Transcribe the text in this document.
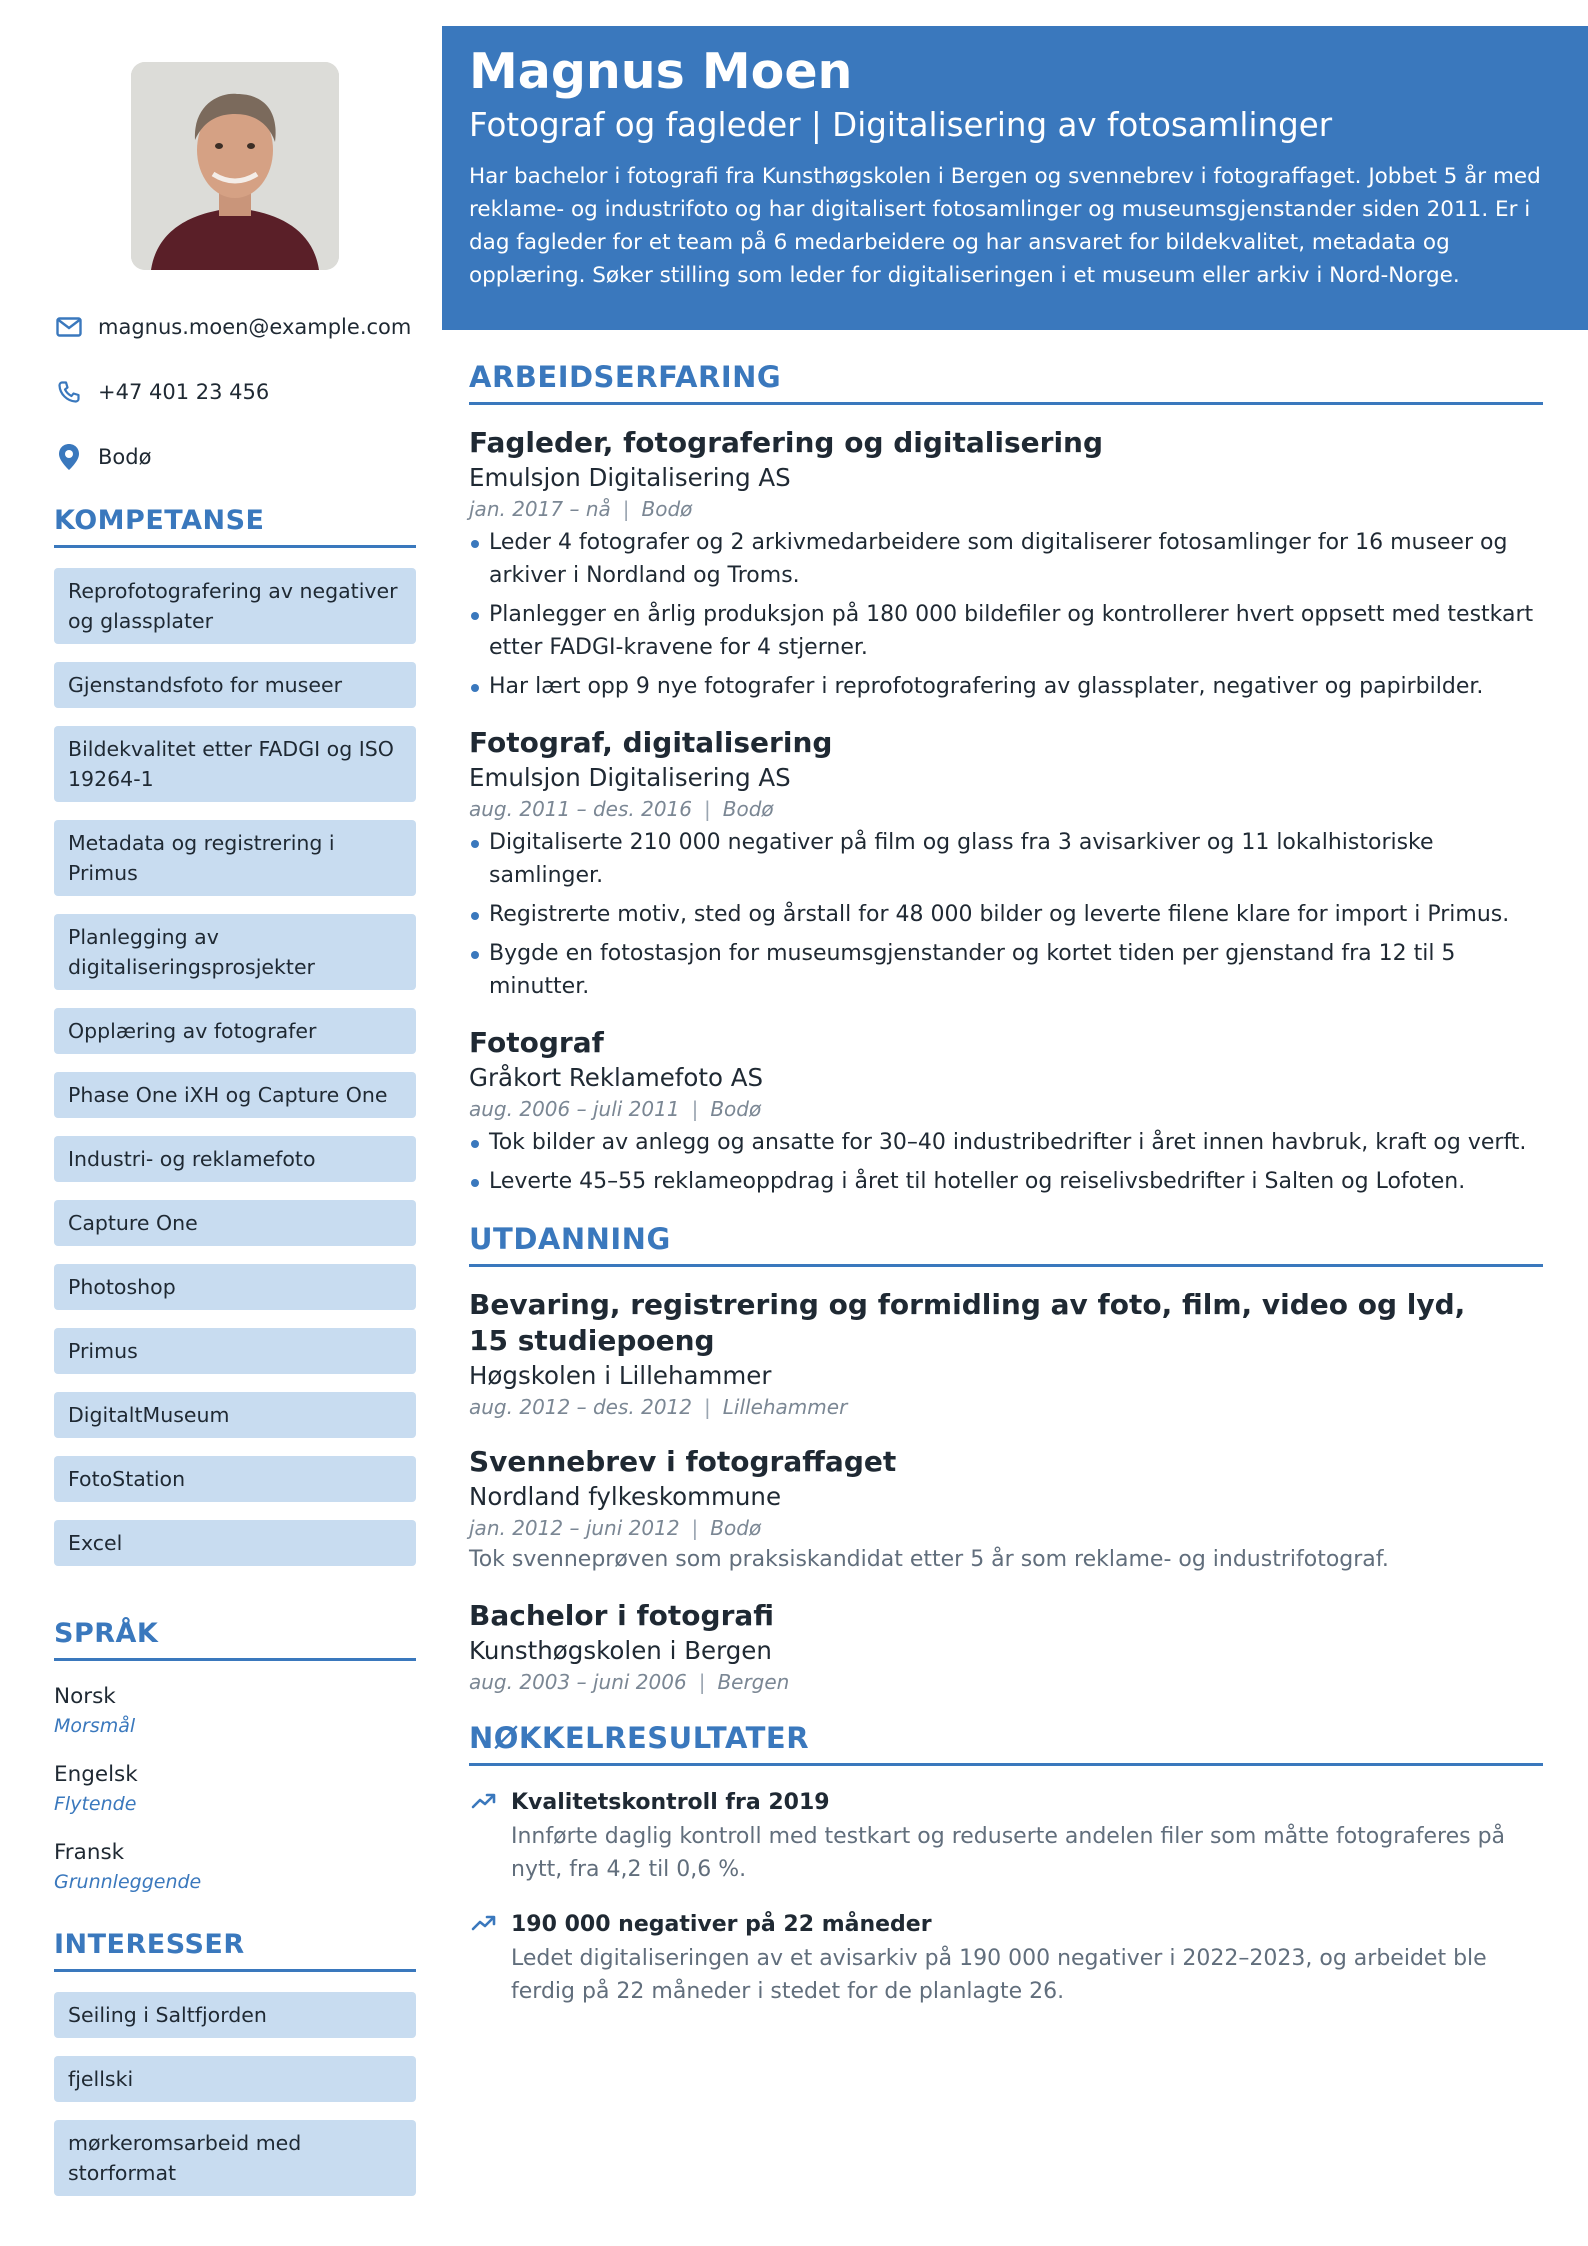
magnus.moen@example.com
+47 401 23 456
Bodø
KOMPETANSE
Reprofotografering av negativer og glassplater
Gjenstandsfoto for museer
Bildekvalitet etter FADGI og ISO 19264-1
Metadata og registrering i Primus
Planlegging av digitaliseringsprosjekter
Opplæring av fotografer
Phase One iXH og Capture One
Industri- og reklamefoto
Capture One
Photoshop
Primus
DigitaltMuseum
FotoStation
Excel
SPRÅK
Norsk
Morsmål
Engelsk
Flytende
Fransk
Grunnleggende
INTERESSER
Seiling i Saltfjorden
fjellski
mørkeromsarbeid med storformat
Magnus Moen
Fotograf og fagleder | Digitalisering av fotosamlinger

Har bachelor i fotografi fra Kunsthøgskolen i Bergen og svennebrev i fotograffaget. Jobbet 5 år med reklame- og industrifoto og har digitalisert fotosamlinger og museumsgjenstander siden 2011. Er i dag fagleder for et team på 6 medarbeidere og har ansvaret for bildekvalitet, metadata og opplæring. Søker stilling som leder for digitaliseringen i et museum eller arkiv i Nord-Norge.

ARBEIDSERFARING
Fagleder, fotografering og digitalisering
Emulsjon Digitalisering AS
jan. 2017 – nå | Bodø
Leder 4 fotografer og 2 arkivmedarbeidere som digitaliserer fotosamlinger for 16 museer og arkiver i Nordland og Troms.
Planlegger en årlig produksjon på 180 000 bildefiler og kontrollerer hvert oppsett med testkart etter FADGI-kravene for 4 stjerner.
Har lært opp 9 nye fotografer i reprofotografering av glassplater, negativer og papirbilder.
Fotograf, digitalisering
Emulsjon Digitalisering AS
aug. 2011 – des. 2016 | Bodø
Digitaliserte 210 000 negativer på film og glass fra 3 avisarkiver og 11 lokalhistoriske samlinger.
Registrerte motiv, sted og årstall for 48 000 bilder og leverte filene klare for import i Primus.
Bygde en fotostasjon for museumsgjenstander og kortet tiden per gjenstand fra 12 til 5 minutter.
Fotograf
Gråkort Reklamefoto AS
aug. 2006 – juli 2011 | Bodø
Tok bilder av anlegg og ansatte for 30–40 industribedrifter i året innen havbruk, kraft og verft.
Leverte 45–55 reklameoppdrag i året til hoteller og reiselivsbedrifter i Salten og Lofoten.
UTDANNING
Bevaring, registrering og formidling av foto, film, video og lyd,
15 studiepoeng
Høgskolen i Lillehammer
aug. 2012 – des. 2012 | Lillehammer
Svennebrev i fotograffaget
Nordland fylkeskommune
jan. 2012 – juni 2012 | Bodø
Tok svenneprøven som praksiskandidat etter 5 år som reklame- og industrifotograf.
Bachelor i fotografi
Kunsthøgskolen i Bergen
aug. 2003 – juni 2006 | Bergen
NØKKELRESULTATER
Kvalitetskontroll fra 2019
Innførte daglig kontroll med testkart og reduserte andelen filer som måtte fotograferes på nytt, fra 4,2 til 0,6 %.
190 000 negativer på 22 måneder
Ledet digitaliseringen av et avisarkiv på 190 000 negativer i 2022–2023, og arbeidet ble ferdig på 22 måneder i stedet for de planlagte 26.
